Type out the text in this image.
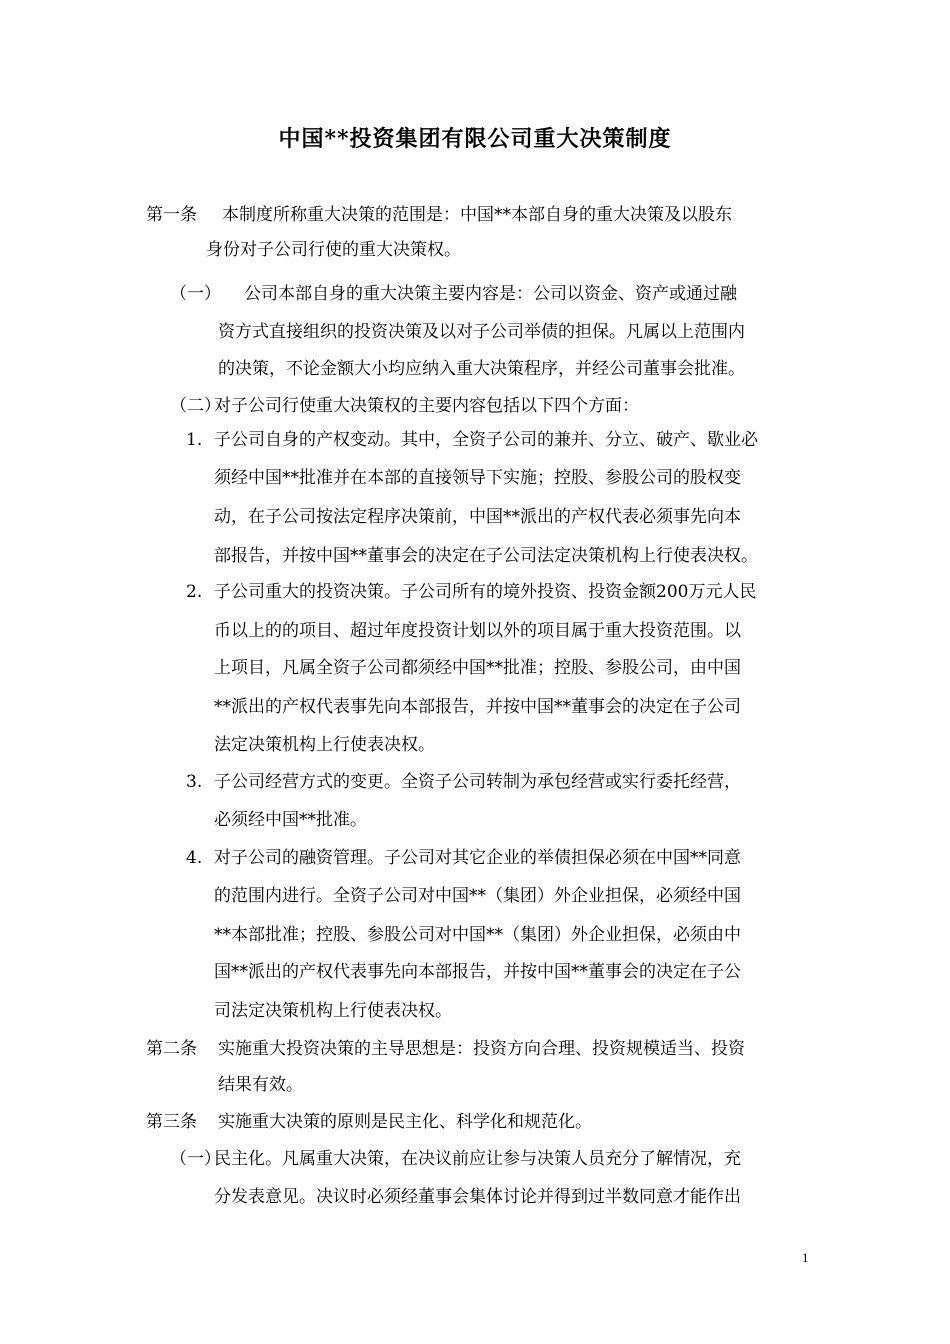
中国**投资集团有限公司重大决策制度
第一条 本制度所称重大决策的范围是：中国**本部自身的重大决策及以股东
身份对子公司行使的重大决策权。
（一） 公司本部自身的重大决策主要内容是：公司以资金、资产或通过融
资方式直接组织的投资决策及以对子公司举债的担保。凡属以上范围内
的决策，不论金额大小均应纳入重大决策程序，并经公司董事会批准。
（二）对子公司行使重大决策权的主要内容包括以下四个方面：
1. 子公司自身的产权变动。其中，全资子公司的兼并、分立、破产、歇业必
须经中国**批准并在本部的直接领导下实施；控股、参股公司的股权变
动，在子公司按法定程序决策前，中国**派出的产权代表必须事先向本
部报告，并按中国**董事会的决定在子公司法定决策机构上行使表决权。
2. 子公司重大的投资决策。子公司所有的境外投资、投资金额200万元人民
币以上的的项目、超过年度投资计划以外的项目属于重大投资范围。以
上项目，凡属全资子公司都须经中国**批准；控股、参股公司，由中国
**派出的产权代表事先向本部报告，并按中国**董事会的决定在子公司
法定决策机构上行使表决权。
3. 子公司经营方式的变更。全资子公司转制为承包经营或实行委托经营，
必须经中国**批准。
4. 对子公司的融资管理。子公司对其它企业的举债担保必须在中国**同意
的范围内进行。全资子公司对中国**（集团）外企业担保，必须经中国
**本部批准；控股、参股公司对中国**（集团）外企业担保，必须由中
国**派出的产权代表事先向本部报告，并按中国**董事会的决定在子公
司法定决策机构上行使表决权。
第二条 实施重大投资决策的主导思想是：投资方向合理、投资规模适当、投资
结果有效。
第三条 实施重大决策的原则是民主化、科学化和规范化。
（一）民主化。凡属重大决策，在决议前应让参与决策人员充分了解情况，充
分发表意见。决议时必须经董事会集体讨论并得到过半数同意才能作出
1
